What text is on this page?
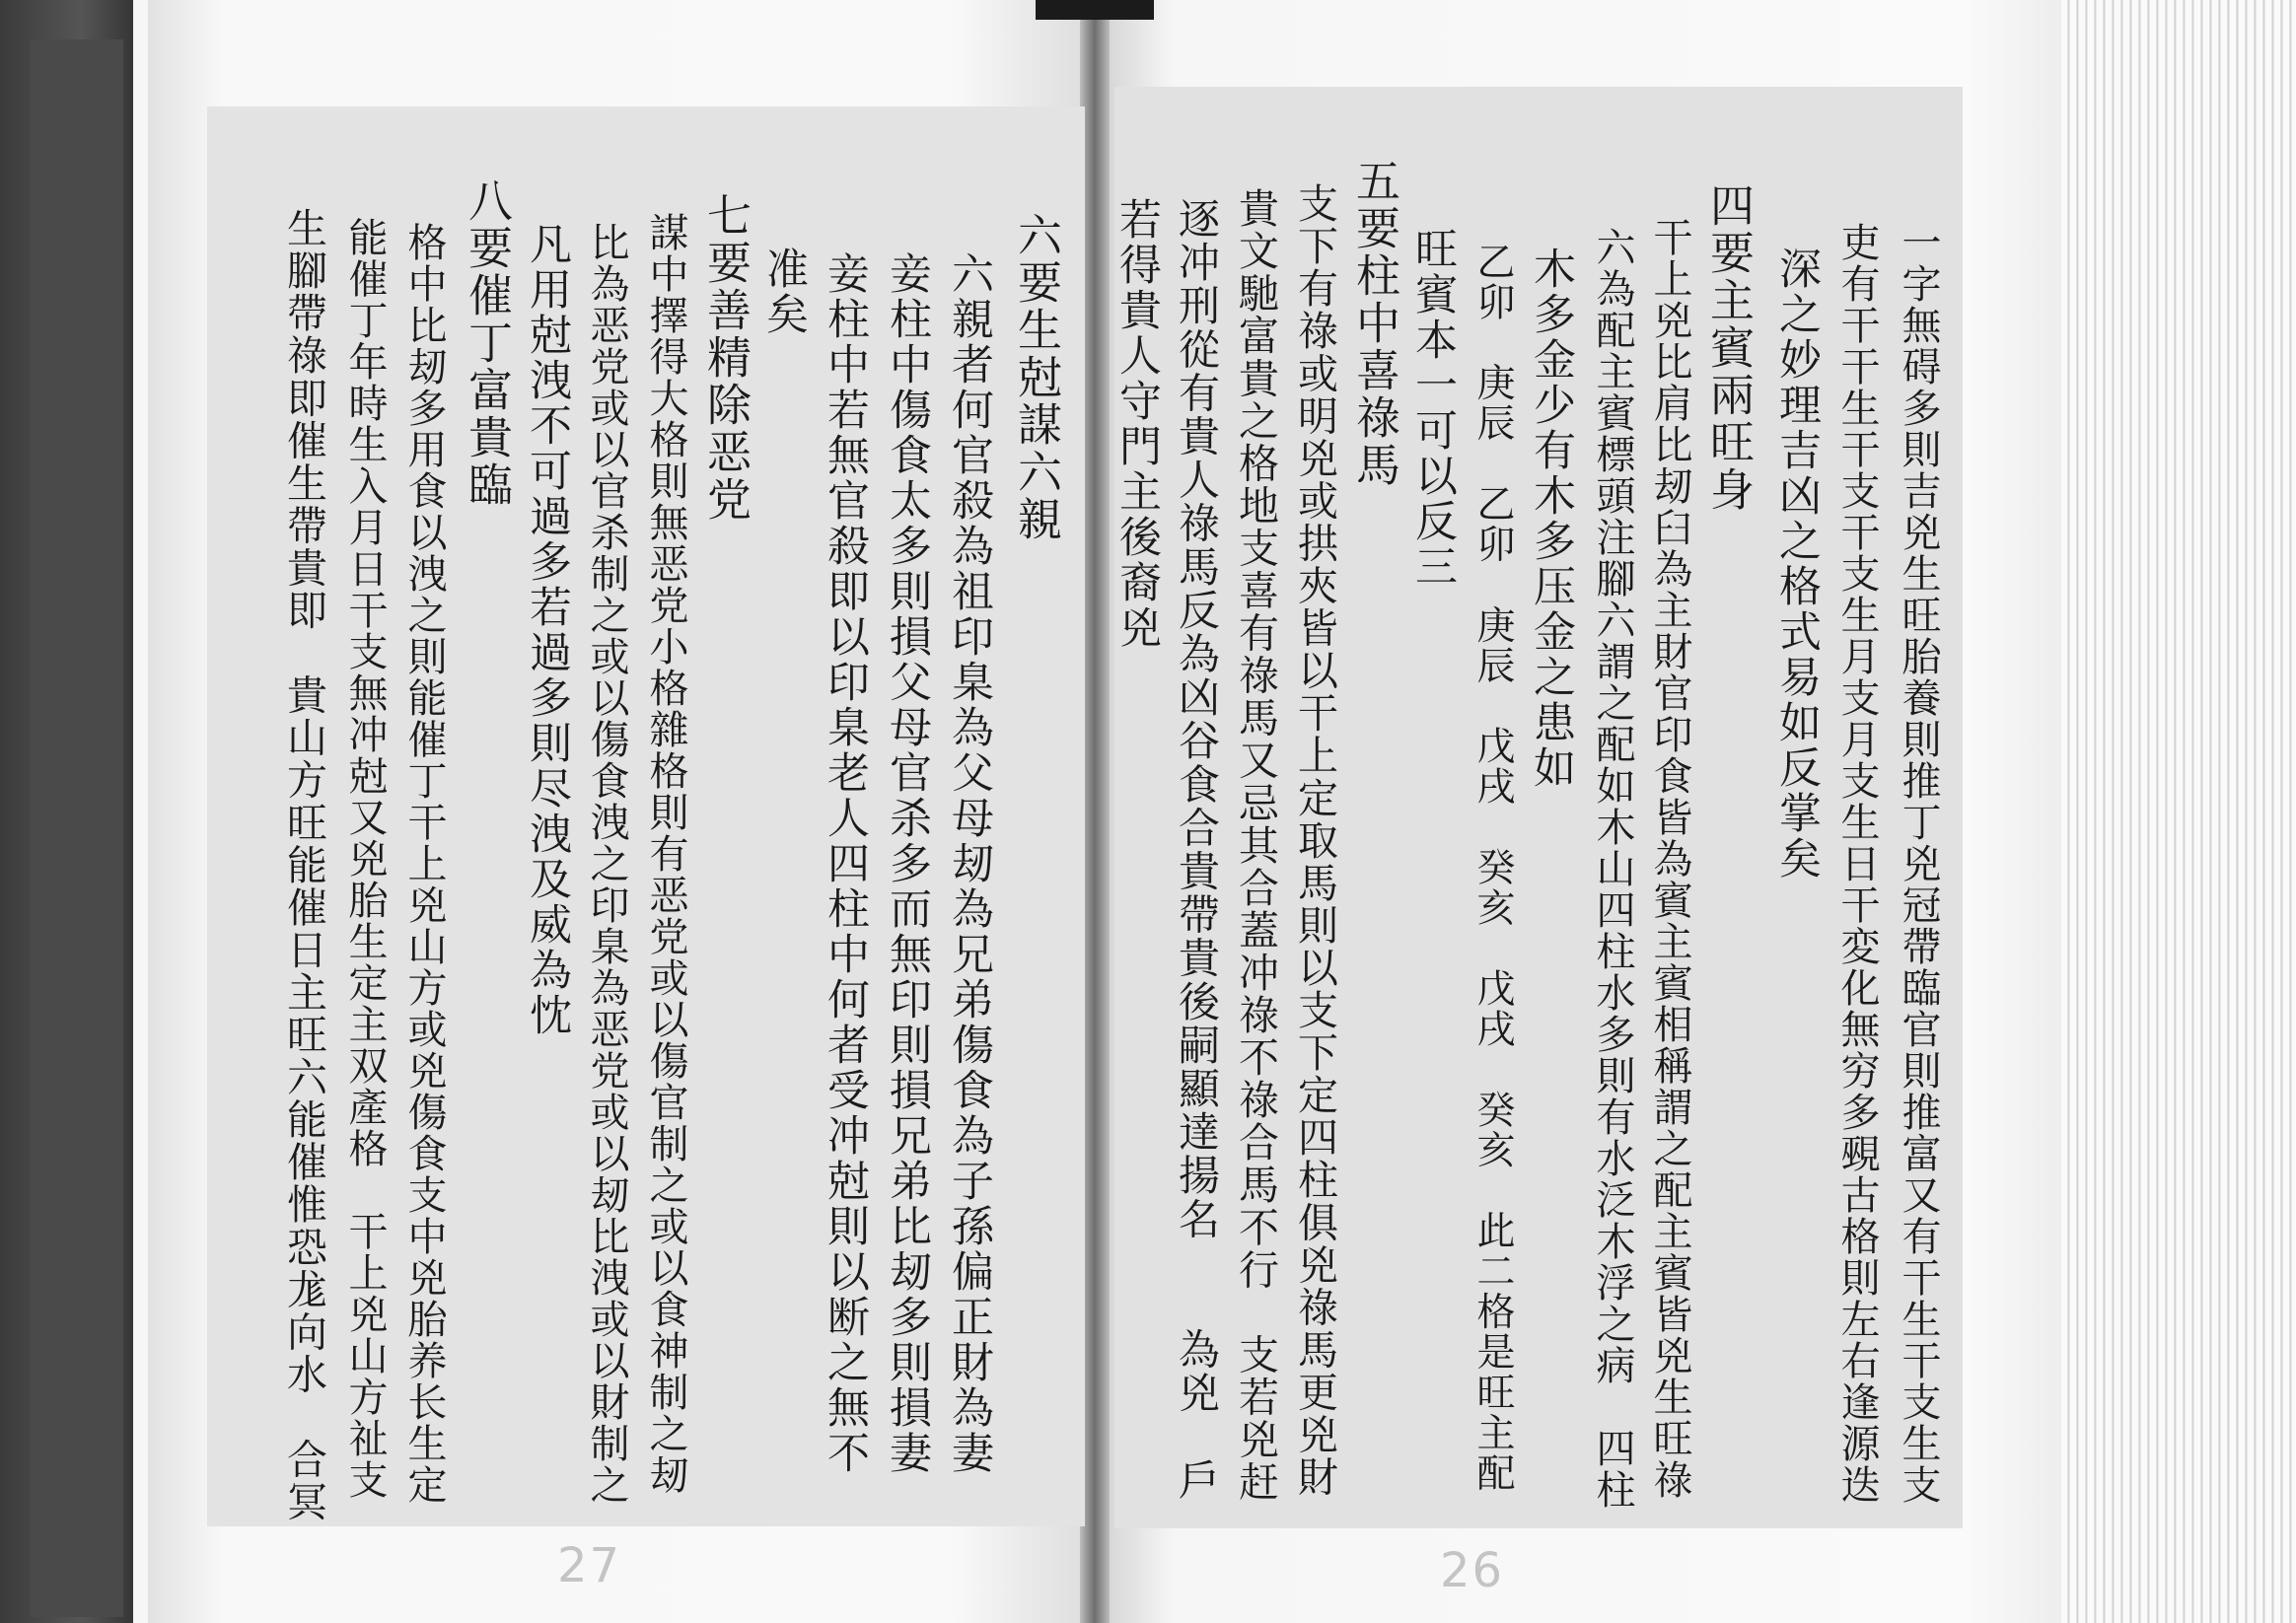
一字無碍多則吉兇生旺胎養則推丁兇冠帶臨官則推富又有干生干支生支
吏有干干生干支干支生月支月支生日干変化無穷多覡古格則左右逢源迭
深之妙理吉凶之格式易如反掌矣
四要主賓兩旺身
干上兇比肩比刼臼為主財官印食皆為賓主賓相稱謂之配主賓皆兇生旺祿
六為配主賓標頭注腳六謂之配如木山四柱水多則有水泛木浮之病　四柱
木多金少有木多压金之患如
乙卯　庚辰　乙卯　庚辰　戊戌　癸亥　戊戌　癸亥　此二格是旺主配
旺賓本一可以反三
五要柱中喜祿馬
支下有祿或明兇或拱夾皆以干上定取馬則以支下定四柱俱兇祿馬更兇財
貴文馳富貴之格地支喜有祿馬又忌其合蓋冲祿不祿合馬不行　支若兇赶
逐冲刑從有貴人祿馬反為凶谷食合貴帶貴後嗣顯達揚名　　為兇　戶
若得貴人守門主後裔兇
六要生尅謀六親
六親者何官殺為祖印臬為父母刼為兄弟傷食為子孫偏正財為妻
妾柱中傷食太多則損父母官杀多而無印則損兄弟比刼多則損妻
妾柱中若無官殺即以印臬老人四柱中何者受冲尅則以断之無不
准矣
七要善精除恶党
謀中擇得大格則無恶党小格雜格則有恶党或以傷官制之或以食神制之刼
比為恶党或以官杀制之或以傷食洩之印臬為恶党或以刼比洩或以財制之
凡用尅洩不可過多若過多則尽洩及威為忱
八要催丁富貴臨
格中比刼多用食以洩之則能催丁干上兇山方或兇傷食支中兇胎养长生定
能催丁年時生入月日干支無冲尅又兇胎生定主双產格　干上兇山方祉支
生腳帶祿即催生帶貴即　貴山方旺能催日主旺六能催惟恐尨向水　合冥
27	26
